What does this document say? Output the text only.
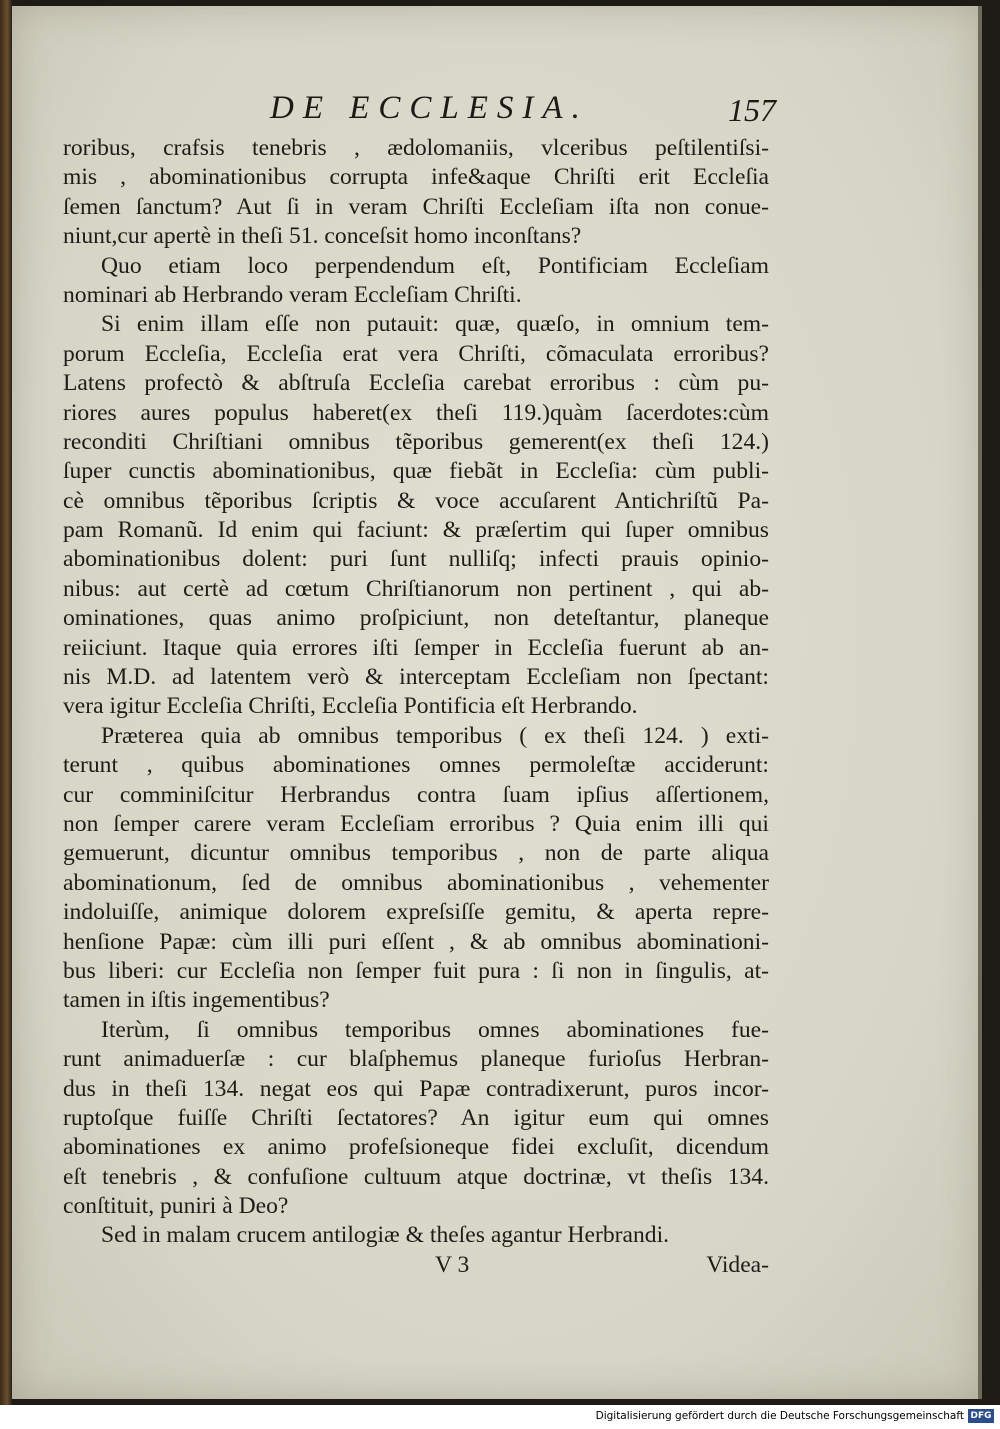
DE ECCLESIA.	157
roribus, crafsis tenebris , ædolomaniis, vlceribus peſtilentiſsi-
mis , abominationibus corrupta infe&aque Chriſti erit Eccleſia
ſemen ſanctum? Aut ſi in veram Chriſti Eccleſiam iſta non conue-
niunt,cur apertè in theſi 51. conceſsit homo inconſtans?
Quo etiam loco perpendendum eſt, Pontificiam Eccleſiam
nominari ab Herbrando veram Eccleſiam Chriſti.
Si enim illam eſſe non putauit: quæ, quæſo, in omnium tem-
porum Eccleſia, Eccleſia erat vera Chriſti, cõmaculata erroribus?
Latens profectò & abſtruſa Eccleſia carebat erroribus : cùm pu-
riores aures populus haberet(ex theſi 119.)quàm ſacerdotes:cùm
reconditi Chriſtiani omnibus tẽporibus gemerent(ex theſi 124.)
ſuper cunctis abominationibus, quæ fiebãt in Eccleſia: cùm publi-
cè omnibus tẽporibus ſcriptis & voce accuſarent Antichriſtũ Pa-
pam Romanũ. Id enim qui faciunt: & præſertim qui ſuper omnibus
abominationibus dolent: puri ſunt nulliſq; infecti prauis opinio-
nibus: aut certè ad cœtum Chriſtianorum non pertinent , qui ab-
ominationes, quas animo proſpiciunt, non deteſtantur, planeque
reiiciunt. Itaque quia errores iſti ſemper in Eccleſia fuerunt ab an-
nis M.D. ad latentem verò & interceptam Eccleſiam non ſpectant:
vera igitur Eccleſia Chriſti, Eccleſia Pontificia eſt Herbrando.
Præterea quia ab omnibus temporibus ( ex theſi 124. ) exti-
terunt , quibus abominationes omnes permoleſtæ acciderunt:
cur comminiſcitur Herbrandus contra ſuam ipſius aſſertionem,
non ſemper carere veram Eccleſiam erroribus ? Quia enim illi qui
gemuerunt, dicuntur omnibus temporibus , non de parte aliqua
abominationum, ſed de omnibus abominationibus , vehementer
indoluiſſe, animique dolorem expreſsiſſe gemitu, & aperta repre-
henſione Papæ: cùm illi puri eſſent , & ab omnibus abominationi-
bus liberi: cur Eccleſia non ſemper fuit pura : ſi non in ſingulis, at-
tamen in iſtis ingementibus?
Iterùm, ſi omnibus temporibus omnes abominationes fue-
runt animaduerſæ : cur blaſphemus planeque furioſus Herbran-
dus in theſi 134. negat eos qui Papæ contradixerunt, puros incor-
ruptoſque fuiſſe Chriſti ſectatores? An igitur eum qui omnes
abominationes ex animo profeſsioneque fidei excluſit, dicendum
eſt tenebris , & confuſione cultuum atque doctrinæ, vt theſis 134.
conſtituit, puniri à Deo?
Sed in malam crucem antilogiæ & theſes agantur Herbrandi.
V 3	Videa-
Digitalisierung gefördert durch die Deutsche Forschungsgemeinschaft DFG
